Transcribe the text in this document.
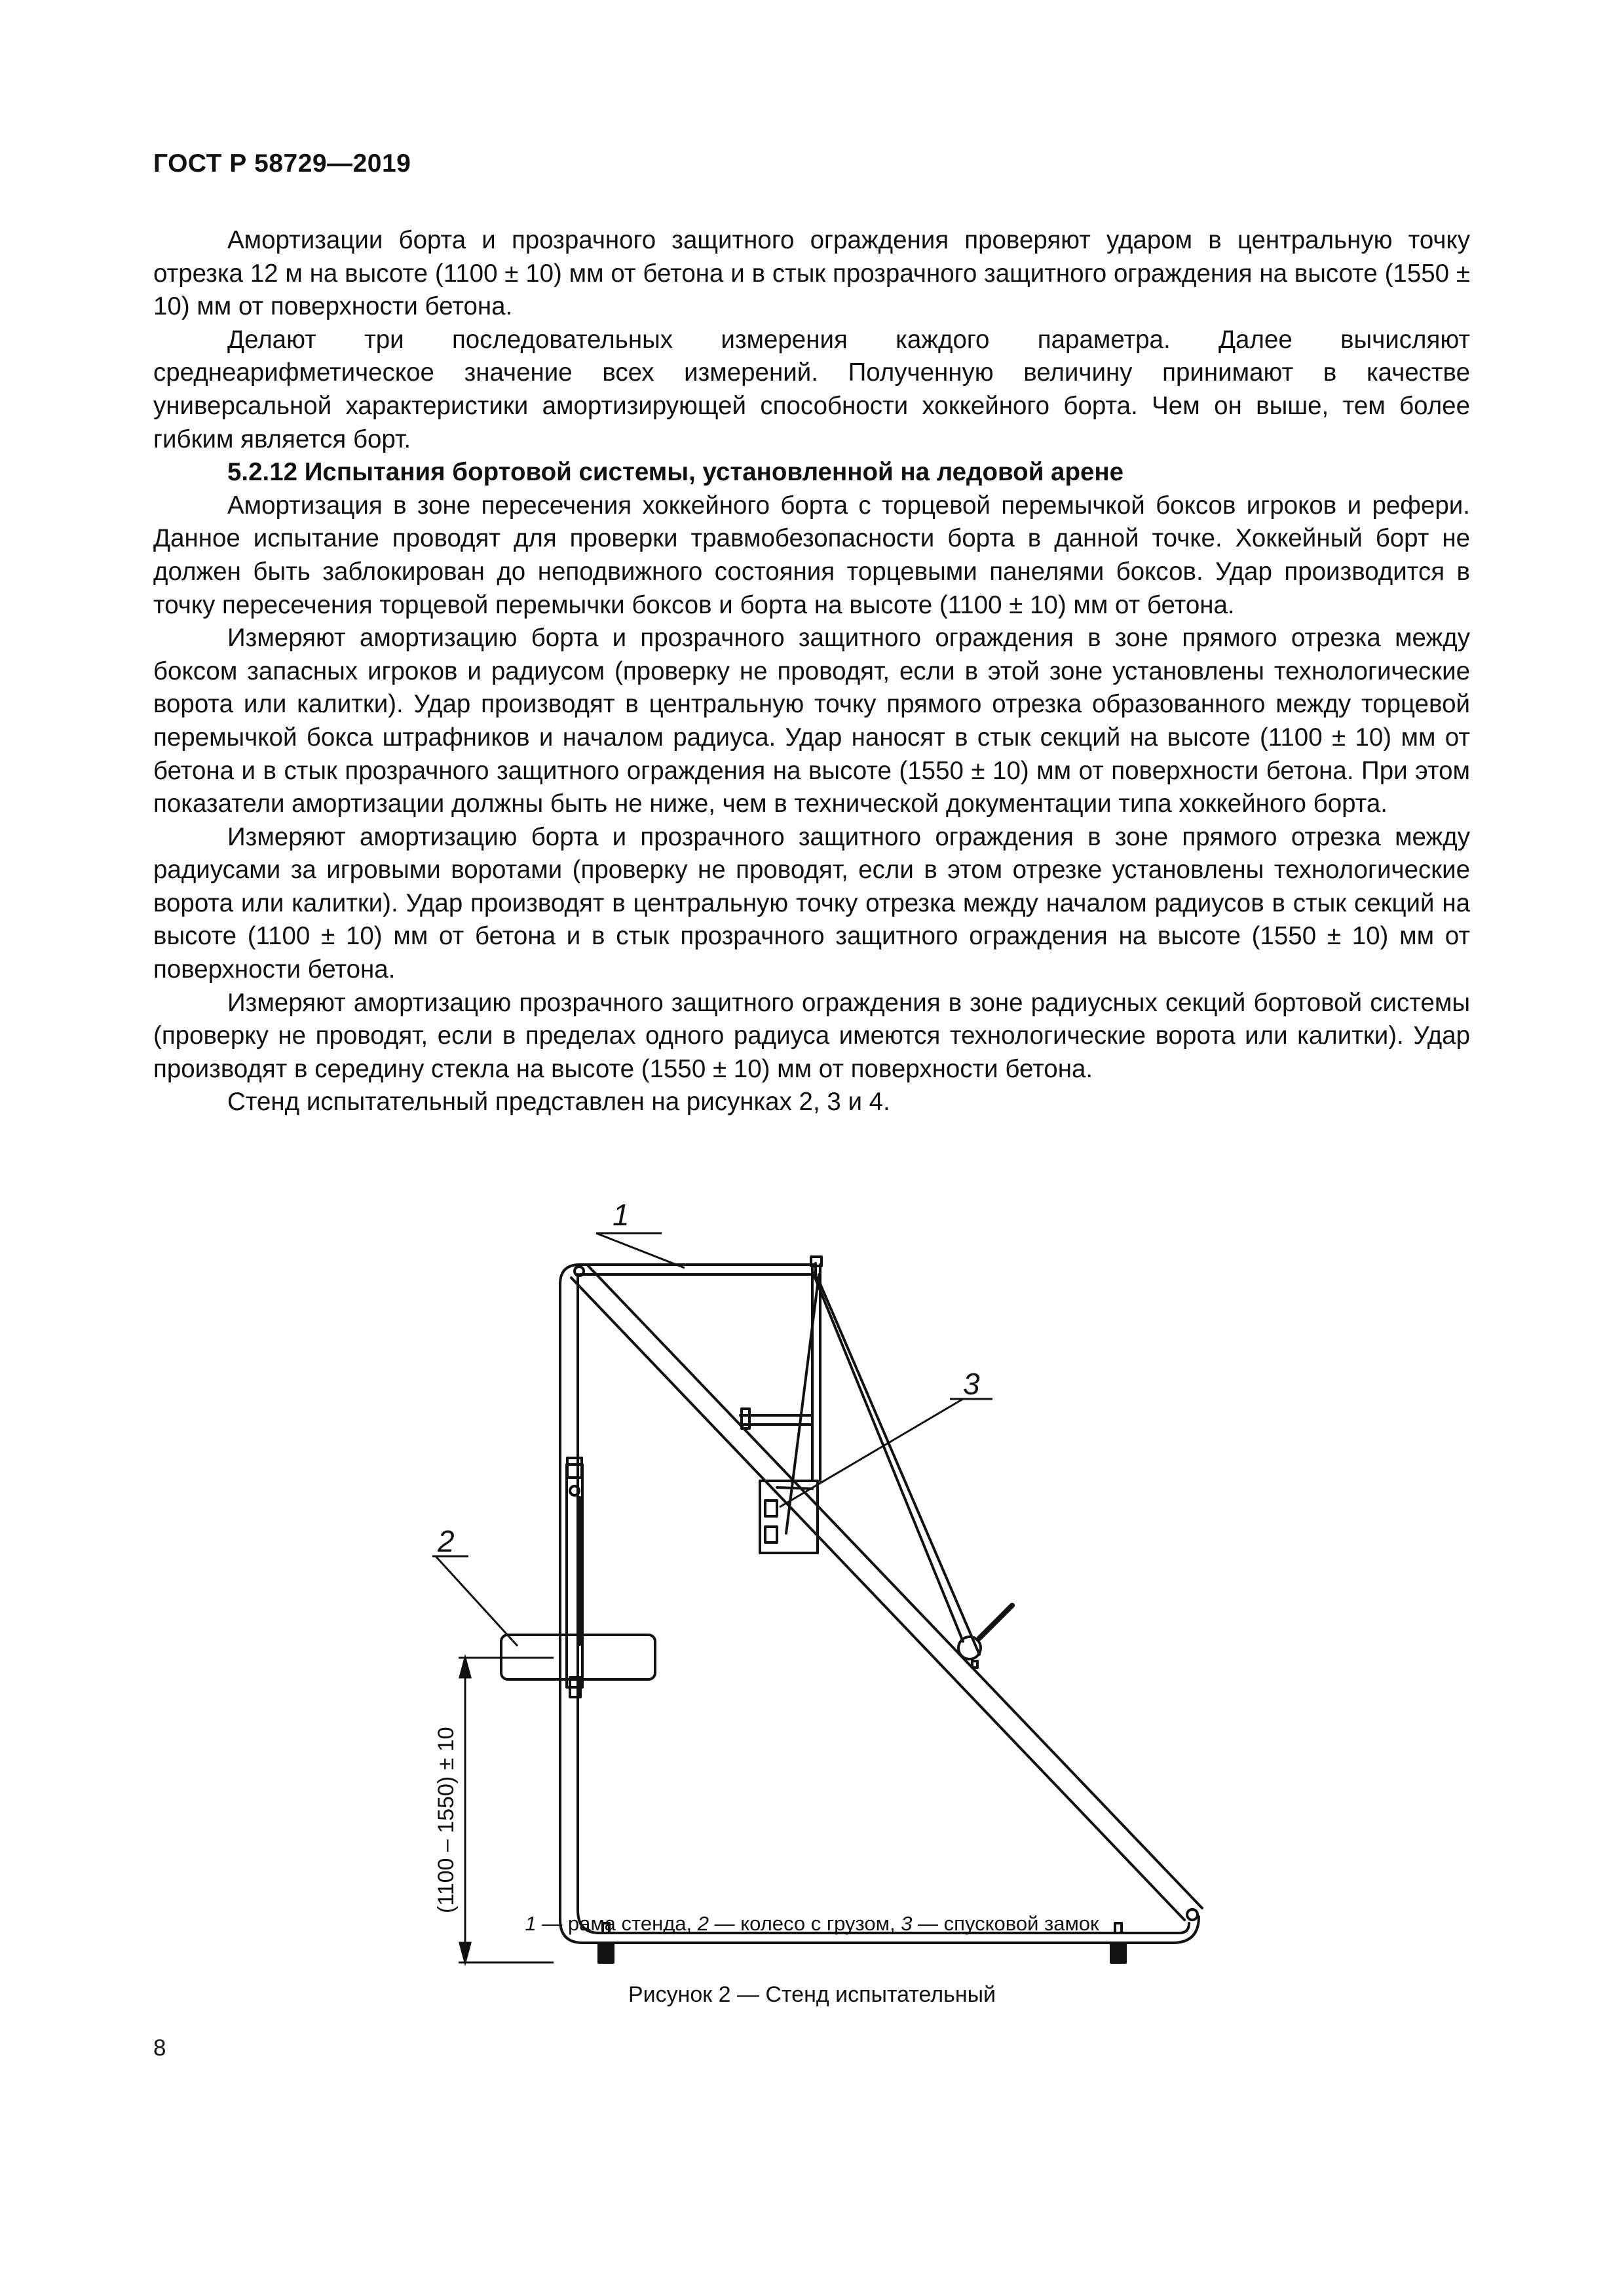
ГОСТ Р 58729—2019

Амортизации борта и прозрачного защитного ограждения проверяют ударом в центральную точку отрезка 12 м на высоте (1100 ± 10) мм от бетона и в стык прозрачного защитного ограждения на высоте (1550 ± 10) мм от поверхности бетона.

Делают три последовательных измерения каждого параметра. Далее вычисляют среднеарифметическое значение всех измерений. Полученную величину принимают в качестве универсальной характеристики амортизирующей способности хоккейного борта. Чем он выше, тем более гибким является борт.

5.2.12 Испытания бортовой системы, установленной на ледовой арене

Амортизация в зоне пересечения хоккейного борта с торцевой перемычкой боксов игроков и рефери. Данное испытание проводят для проверки травмобезопасности борта в данной точке. Хоккейный борт не должен быть заблокирован до неподвижного состояния торцевыми панелями боксов. Удар производится в точку пересечения торцевой перемычки боксов и борта на высоте (1100 ± 10) мм от бетона.

Измеряют амортизацию борта и прозрачного защитного ограждения в зоне прямого отрезка между боксом запасных игроков и радиусом (проверку не проводят, если в этой зоне установлены технологические ворота или калитки). Удар производят в центральную точку прямого отрезка образованного между торцевой перемычкой бокса штрафников и началом радиуса. Удар наносят в стык секций на высоте (1100 ± 10) мм от бетона и в стык прозрачного защитного ограждения на высоте (1550 ± 10) мм от поверхности бетона. При этом показатели амортизации должны быть не ниже, чем в технической документации типа хоккейного борта.

Измеряют амортизацию борта и прозрачного защитного ограждения в зоне прямого отрезка между радиусами за игровыми воротами (проверку не проводят, если в этом отрезке установлены технологические ворота или калитки). Удар производят в центральную точку отрезка между началом радиусов в стык секций на высоте (1100 ± 10) мм от бетона и в стык прозрачного защитного ограждения на высоте (1550 ± 10) мм от поверхности бетона.

Измеряют амортизацию прозрачного защитного ограждения в зоне радиусных секций бортовой системы (проверку не проводят, если в пределах одного радиуса имеются технологические ворота или калитки). Удар производят в середину стекла на высоте (1550 ± 10) мм от поверхности бетона.

Стенд испытательный представлен на рисунках 2, 3 и 4.

1
2
3
(1100 – 1550) ± 10
1 — рама стенда, 2 — колесо с грузом, 3 — спусковой замок
Рисунок 2 — Стенд испытательный
8
